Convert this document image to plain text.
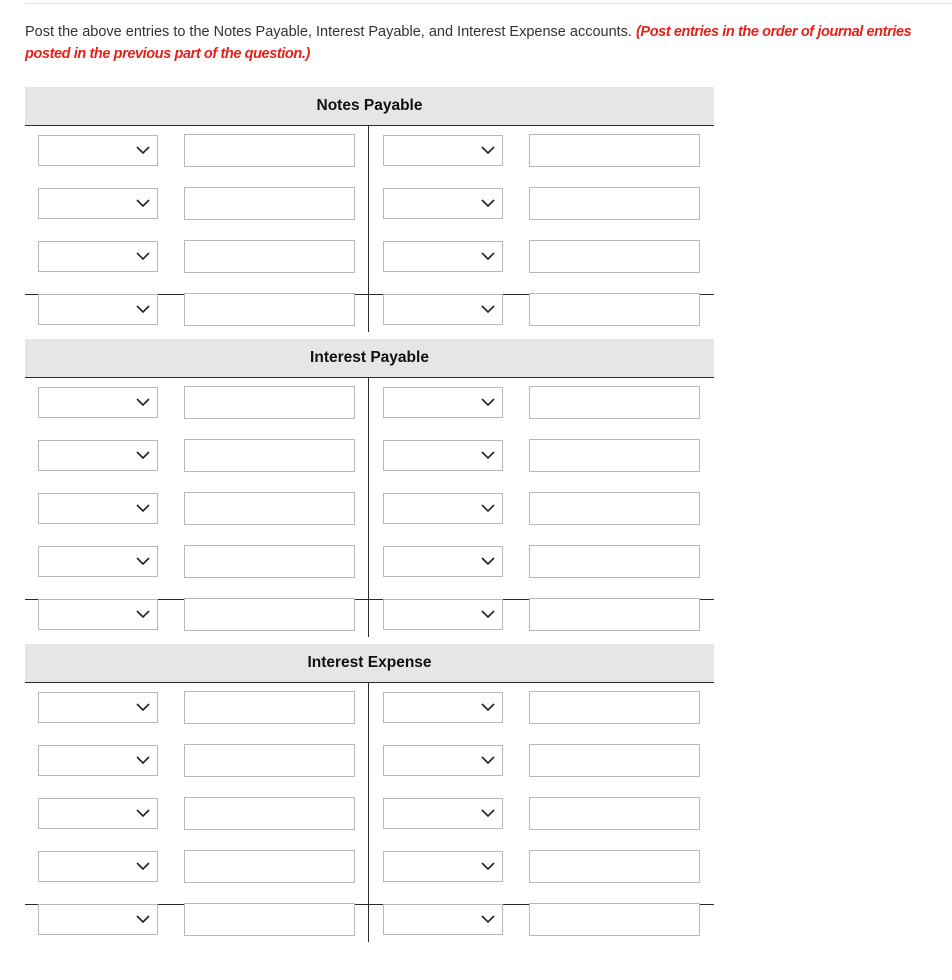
Post the above entries to the Notes Payable, Interest Payable, and Interest Expense accounts. (Post entries in the order of journal entries posted in the previous part of the question.)
Notes Payable
Interest Payable
Interest Expense
